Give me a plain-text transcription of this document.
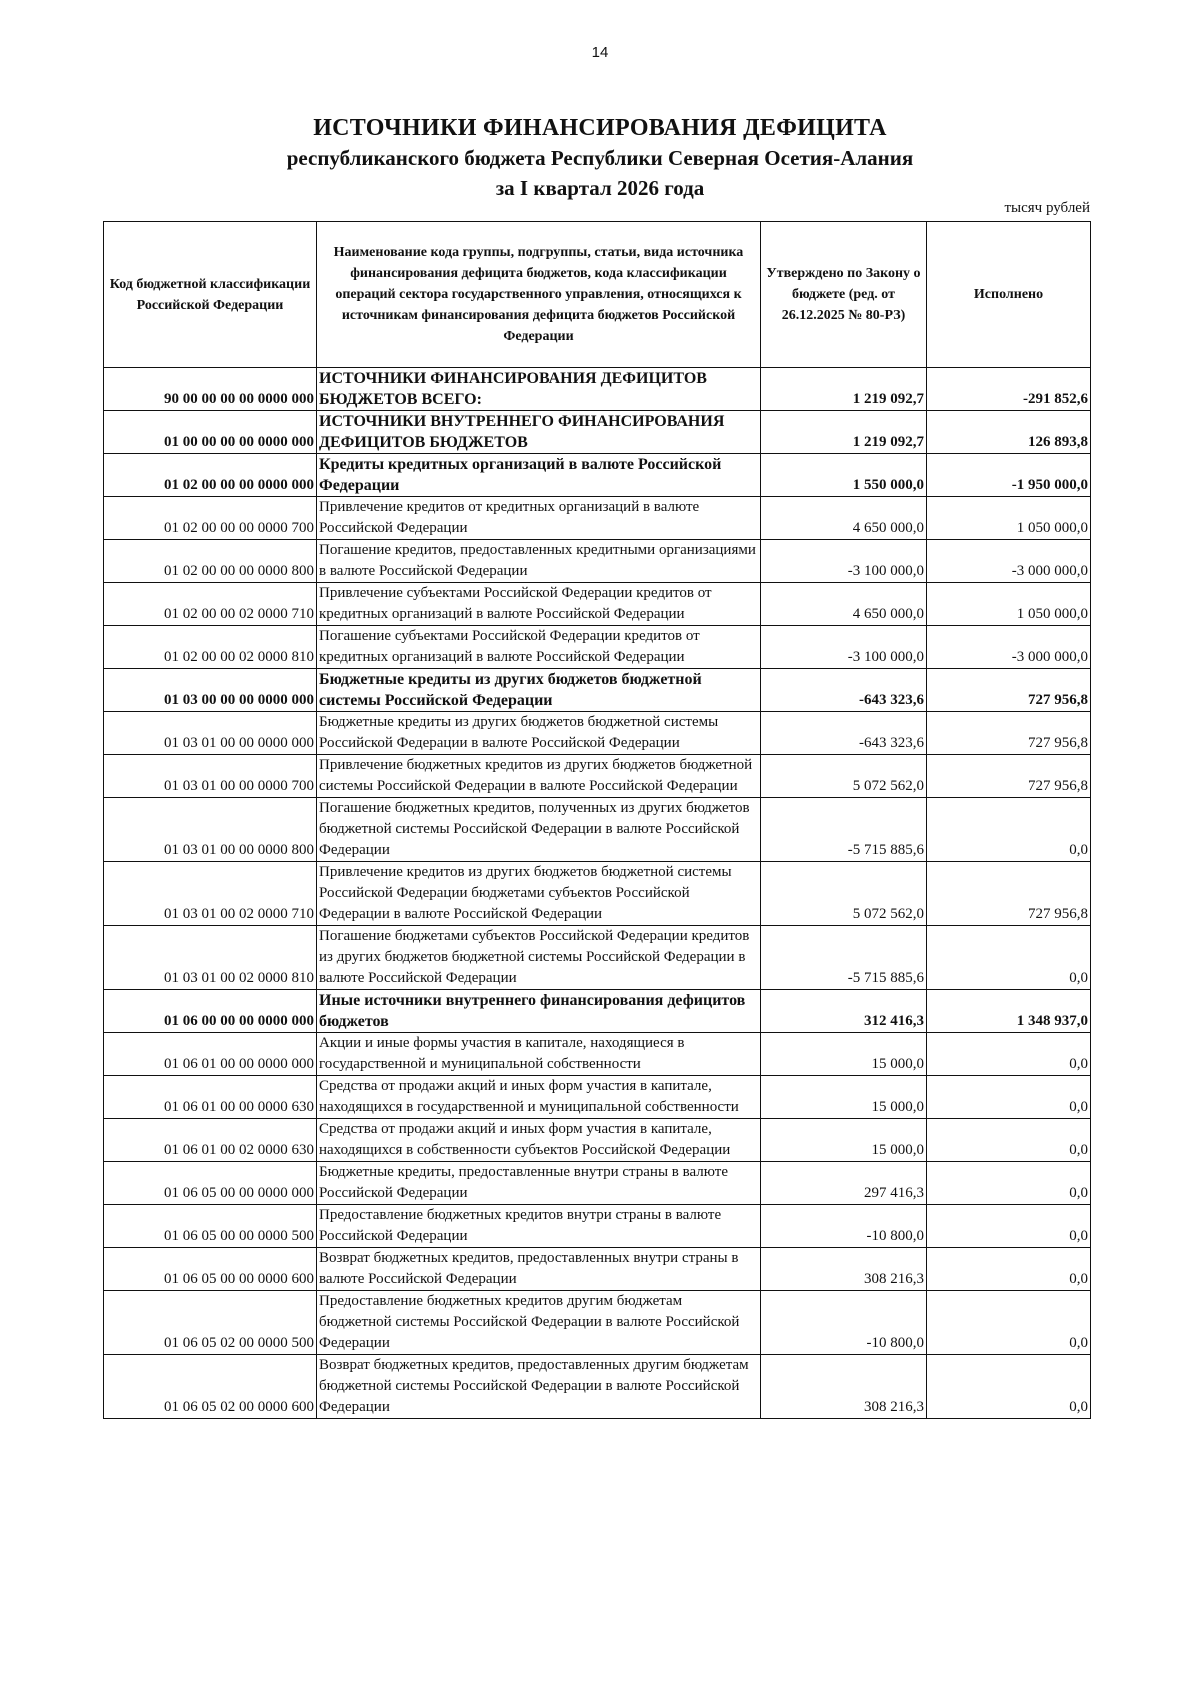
14
ИСТОЧНИКИ ФИНАНСИРОВАНИЯ ДЕФИЦИТА
республиканского бюджета Республики Северная Осетия-Алания
за I квартал 2026 года
тысяч рублей
Код бюджетной классификации Российской Федерации	Наименование кода группы, подгруппы, статьи, вида источника финансирования дефицита бюджетов, кода классификации операций сектора государственного управления, относящихся к источникам финансирования дефицита бюджетов Российской Федерации	Утверждено по Закону о бюджете (ред. от 26.12.2025 № 80-РЗ)	Исполнено
90 00 00 00 00 0000 000	ИСТОЧНИКИ ФИНАНСИРОВАНИЯ ДЕФИЦИТОВ БЮДЖЕТОВ ВСЕГО:	1 219 092,7	-291 852,6
01 00 00 00 00 0000 000	ИСТОЧНИКИ ВНУТРЕННЕГО ФИНАНСИРОВАНИЯ ДЕФИЦИТОВ БЮДЖЕТОВ	1 219 092,7	126 893,8
01 02 00 00 00 0000 000	Кредиты кредитных организаций в валюте Российской Федерации	1 550 000,0	-1 950 000,0
01 02 00 00 00 0000 700	Привлечение кредитов от кредитных организаций в валюте Российской Федерации	4 650 000,0	1 050 000,0
01 02 00 00 00 0000 800	Погашение кредитов, предоставленных кредитными организациями в валюте Российской Федерации	-3 100 000,0	-3 000 000,0
01 02 00 00 02 0000 710	Привлечение субъектами Российской Федерации кредитов от кредитных организаций в валюте Российской Федерации	4 650 000,0	1 050 000,0
01 02 00 00 02 0000 810	Погашение субъектами Российской Федерации кредитов от кредитных организаций в валюте Российской Федерации	-3 100 000,0	-3 000 000,0
01 03 00 00 00 0000 000	Бюджетные кредиты из других бюджетов бюджетной системы Российской Федерации	-643 323,6	727 956,8
01 03 01 00 00 0000 000	Бюджетные кредиты из других бюджетов бюджетной системы Российской Федерации в валюте Российской Федерации	-643 323,6	727 956,8
01 03 01 00 00 0000 700	Привлечение бюджетных кредитов из других бюджетов бюджетной системы Российской Федерации в валюте Российской Федерации	5 072 562,0	727 956,8
01 03 01 00 00 0000 800	Погашение бюджетных кредитов, полученных из других бюджетов бюджетной системы Российской Федерации в валюте Российской Федерации	-5 715 885,6	0,0
01 03 01 00 02 0000 710	Привлечение кредитов из других бюджетов бюджетной системы Российской Федерации бюджетами субъектов Российской Федерации в валюте Российской Федерации	5 072 562,0	727 956,8
01 03 01 00 02 0000 810	Погашение бюджетами субъектов Российской Федерации кредитов из других бюджетов бюджетной системы Российской Федерации в валюте Российской Федерации	-5 715 885,6	0,0
01 06 00 00 00 0000 000	Иные источники внутреннего финансирования дефицитов бюджетов	312 416,3	1 348 937,0
01 06 01 00 00 0000 000	Акции и иные формы участия в капитале, находящиеся в государственной и муниципальной собственности	15 000,0	0,0
01 06 01 00 00 0000 630	Средства от продажи акций и иных форм участия в капитале, находящихся в государственной и муниципальной собственности	15 000,0	0,0
01 06 01 00 02 0000 630	Средства от продажи акций и иных форм участия в капитале, находящихся в собственности субъектов Российской Федерации	15 000,0	0,0
01 06 05 00 00 0000 000	Бюджетные кредиты, предоставленные внутри страны в валюте Российской Федерации	297 416,3	0,0
01 06 05 00 00 0000 500	Предоставление бюджетных кредитов внутри страны в валюте Российской Федерации	-10 800,0	0,0
01 06 05 00 00 0000 600	Возврат бюджетных кредитов, предоставленных внутри страны в валюте Российской Федерации	308 216,3	0,0
01 06 05 02 00 0000 500	Предоставление бюджетных кредитов другим бюджетам бюджетной системы Российской Федерации в валюте Российской Федерации	-10 800,0	0,0
01 06 05 02 00 0000 600	Возврат бюджетных кредитов, предоставленных другим бюджетам бюджетной системы Российской Федерации в валюте Российской Федерации	308 216,3	0,0
